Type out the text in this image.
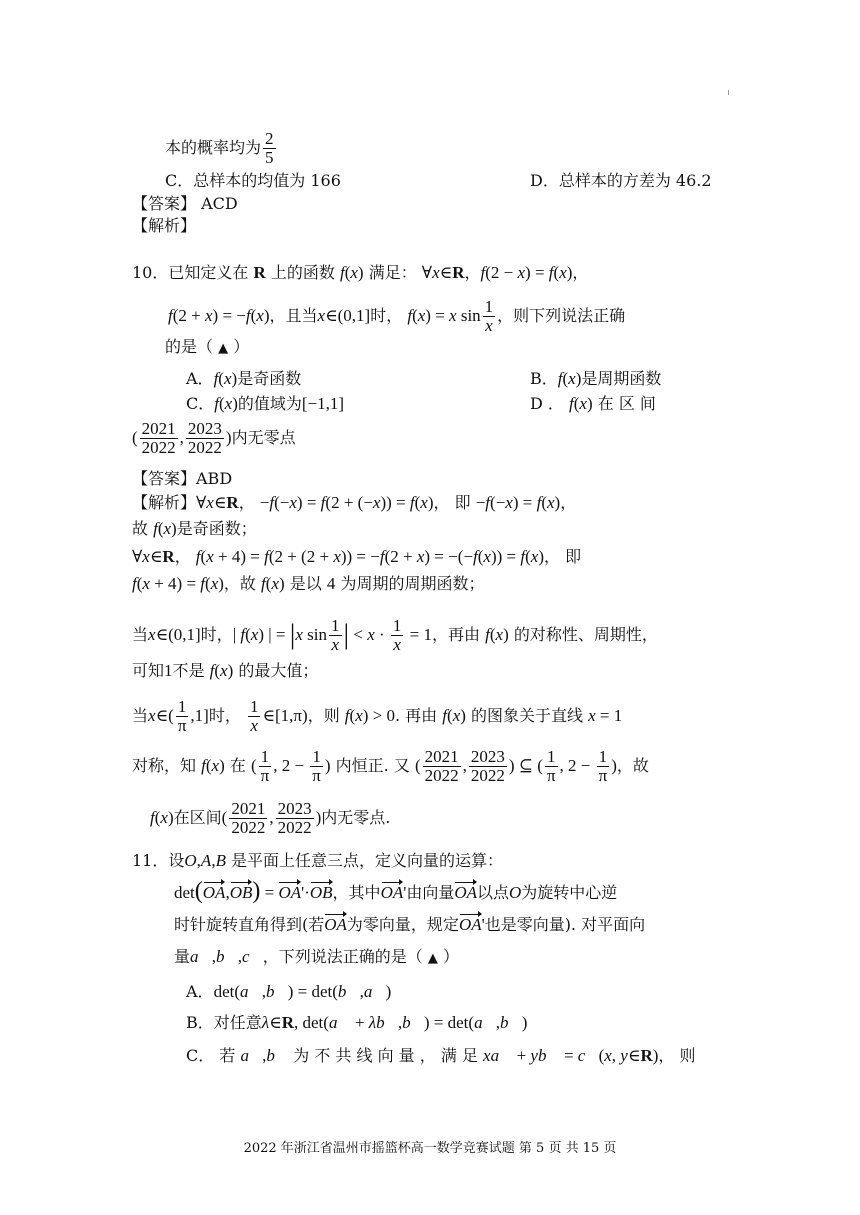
本的概率均为 $\frac{2}{5}$
C．总样本的均值为 166	D．总样本的方差为 46.2
【答案】 ACD
【解析】
10．已知定义在 R 上的函数 f(x) 满足： ∀x∈R，f(2 − x) = f(x)，
f(2 + x) = −f(x)，且当x∈(0,1]时， f(x) = x $\sin \frac{1}{x}$ ，则下列说法正确
的是（ ▲ ）
A．f(x)是奇函数	B．f(x)是周期函数
C．f(x)的值域为[−1,1]	D ． f(x) 在 区 间
( $\frac{2021}{2022}$ , $\frac{2023}{2022}$ )内无零点
【答案】ABD
【解析】∀x∈R， −f(−x) = f(2 + (−x)) = f(x)， 即 −f(−x) = f(x)，
故 f(x)是奇函数；
∀x∈R， f(x + 4) = f(2 + (2 + x)) = −f(2 + x) = −(−f(x)) = f(x)， 即
f(x + 4) = f(x)，故 f(x) 是以 4 为周期的周期函数；
当x∈(0,1]时，| f(x) | = |x $\sin \frac{1}{x}$ | < $x \cdot \frac{1}{x} = 1$，再由 f(x) 的对称性、周期性，
可知1不是 f(x) 的最大值；
当x∈( $\frac{1}{\pi} ,1$]时， $\frac{1}{x}$ ∈[1,π)，则 f(x) > 0. 再由 f(x) 的图象关于直线 x = 1
对称，知 f(x) 在 ( $\frac{1}{\pi}$ , $2 - \frac{1}{\pi}$ ) 内恒正. 又 ( $\frac{2021}{2022}$ , $\frac{2023}{2022}$ ) ⊆ ( $\frac{1}{\pi}$ , $2 - \frac{1}{\pi}$ )，故
f(x)在区间( $\frac{2021}{2022}$ , $\frac{2023}{2022}$ )内无零点.
11．设O,A,B 是平面上任意三点，定义向量的运算：
det(OA,OB) = OA'·OB，其中OA'由向量OA以点O为旋转中心逆
时针旋转直角得到(若OA为零向量，规定OA'也是零向量). 对平面向
量a⃗,b⃗,c⃗，下列说法正确的是（ ▲ ）
A．det(a⃗,b⃗) = det(b⃗,a⃗)
B．对任意λ∈R, det(a⃗ + λb⃗,b⃗) = det(a⃗,b⃗)
C． 若 a⃗,b⃗ 为 不 共 线 向 量 ， 满 足 xa⃗ + yb⃗ = c⃗(x, y∈R)， 则
2022 年浙江省温州市摇篮杯高一数学竞赛试题 第 5 页 共 15 页
